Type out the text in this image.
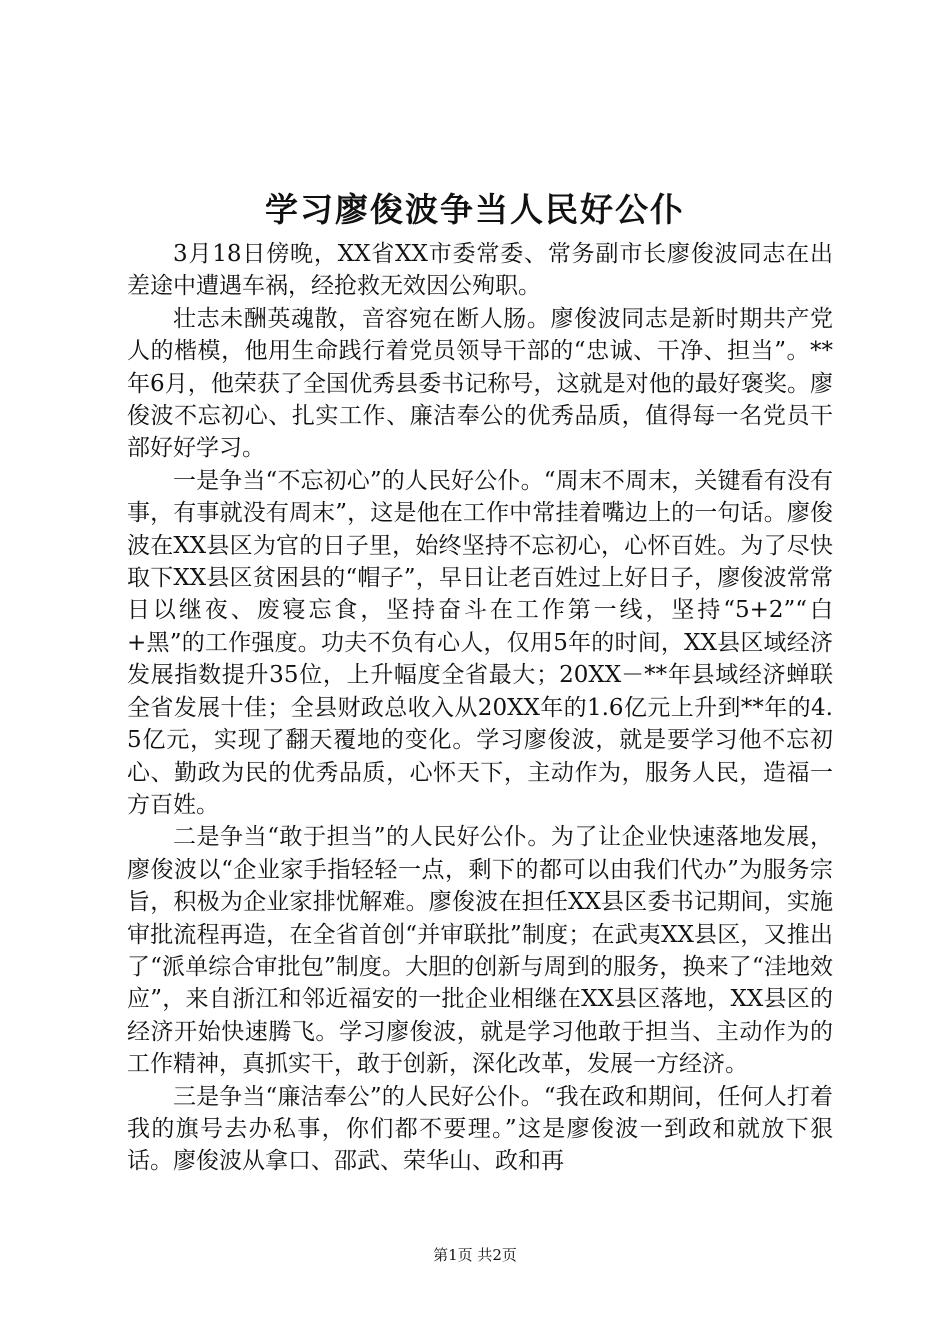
学习廖俊波争当人民好公仆

3月18日傍晚，XX省XX市委常委、常务副市长廖俊波同志在出差途中遭遇车祸，经抢救无效因公殉职。

壮志未酬英魂散，音容宛在断人肠。廖俊波同志是新时期共产党人的楷模，他用生命践行着党员领导干部的“忠诚、干净、担当”。**年6月，他荣获了全国优秀县委书记称号，这就是对他的最好褒奖。廖俊波不忘初心、扎实工作、廉洁奉公的优秀品质，值得每一名党员干部好好学习。

一是争当“不忘初心”的人民好公仆。“周末不周末，关键看有没有事，有事就没有周末”，这是他在工作中常挂着嘴边上的一句话。廖俊波在XX县区为官的日子里，始终坚持不忘初心，心怀百姓。为了尽快取下XX县区贫困县的“帽子”，早日让老百姓过上好日子，廖俊波常常日以继夜、废寝忘食，坚持奋斗在工作第一线，坚持“5+2”“白+黑”的工作强度。功夫不负有心人，仅用5年的时间，XX县区域经济发展指数提升35位，上升幅度全省最大；20XX－**年县域经济蝉联全省发展十佳；全县财政总收入从20XX年的1.6亿元上升到**年的4.5亿元，实现了翻天覆地的变化。学习廖俊波，就是要学习他不忘初心、勤政为民的优秀品质，心怀天下，主动作为，服务人民，造福一方百姓。

二是争当“敢于担当”的人民好公仆。为了让企业快速落地发展，廖俊波以“企业家手指轻轻一点，剩下的都可以由我们代办”为服务宗旨，积极为企业家排忧解难。廖俊波在担任XX县区委书记期间，实施审批流程再造，在全省首创“并审联批”制度；在武夷XX县区，又推出了“派单综合审批包”制度。大胆的创新与周到的服务，换来了“洼地效应”，来自浙江和邻近福安的一批企业相继在XX县区落地，XX县区的经济开始快速腾飞。学习廖俊波，就是学习他敢于担当、主动作为的工作精神，真抓实干，敢于创新，深化改革，发展一方经济。

三是争当“廉洁奉公”的人民好公仆。“我在政和期间，任何人打着我的旗号去办私事，你们都不要理。”这是廖俊波一到政和就放下狠话。廖俊波从拿口、邵武、荣华山、政和再

第1页 共2页
